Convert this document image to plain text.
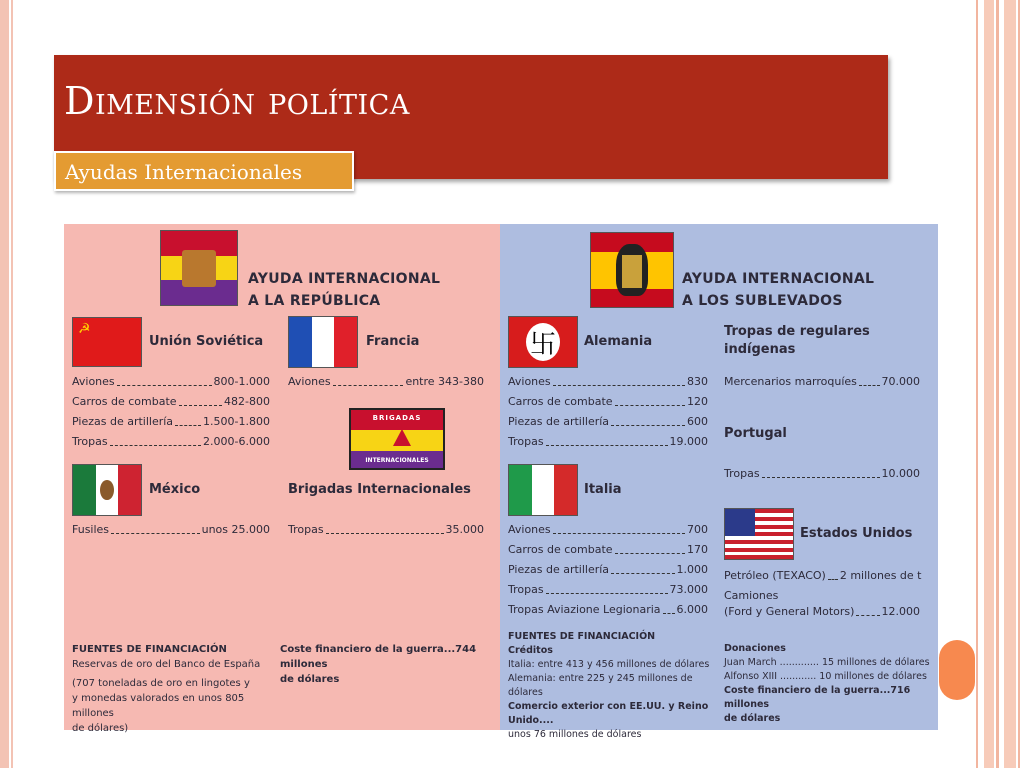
Dimensión política
Ayudas Internacionales
AYUDA INTERNACIONAL
A LA REPÚBLICA
☭
Unión Soviética
Aviones	800-1.000
Carros de combate	482-800
Piezas de artillería	1.500-1.800
Tropas	2.000-6.000
Francia
Aviones	entre 343-380
BRIGADAS
INTERNACIONALES
México
Fusiles	unos 25.000
Brigadas Internacionales
Tropas	35.000
FUENTES DE FINANCIACIÓN
Reservas de oro del Banco de España
(707 toneladas de oro en lingotes y
y monedas valorados en unos 805 millones
de dólares)
Coste financiero de la guerra...744 millones
de dólares
AYUDA INTERNACIONAL
A LOS SUBLEVADOS
卐	Alemania
Aviones	830
Carros de combate	120
Piezas de artillería	600
Tropas	19.000
Tropas de regulares
indígenas
Mercenarios marroquíes 70.000
Portugal
Tropas	10.000
Italia
Aviones	700
Carros de combate	170
Piezas de artillería	1.000
Tropas	73.000
Tropas Aviazione Legionaria 6.000
Estados Unidos
Petróleo (TEXACO) 2 millones de t
Camiones
(Ford y General Motors) 12.000
FUENTES DE FINANCIACIÓN
Créditos
Italia: entre 413 y 456 millones de dólares
Alemania: entre 225 y 245 millones de dólares
Comercio exterior con EE.UU. y Reino Unido....
unos 76 millones de dólares
Donaciones
Juan March ............. 15 millones de dólares
Alfonso XIII ............ 10 millones de dólares
Coste financiero de la guerra...716 millones
de dólares
